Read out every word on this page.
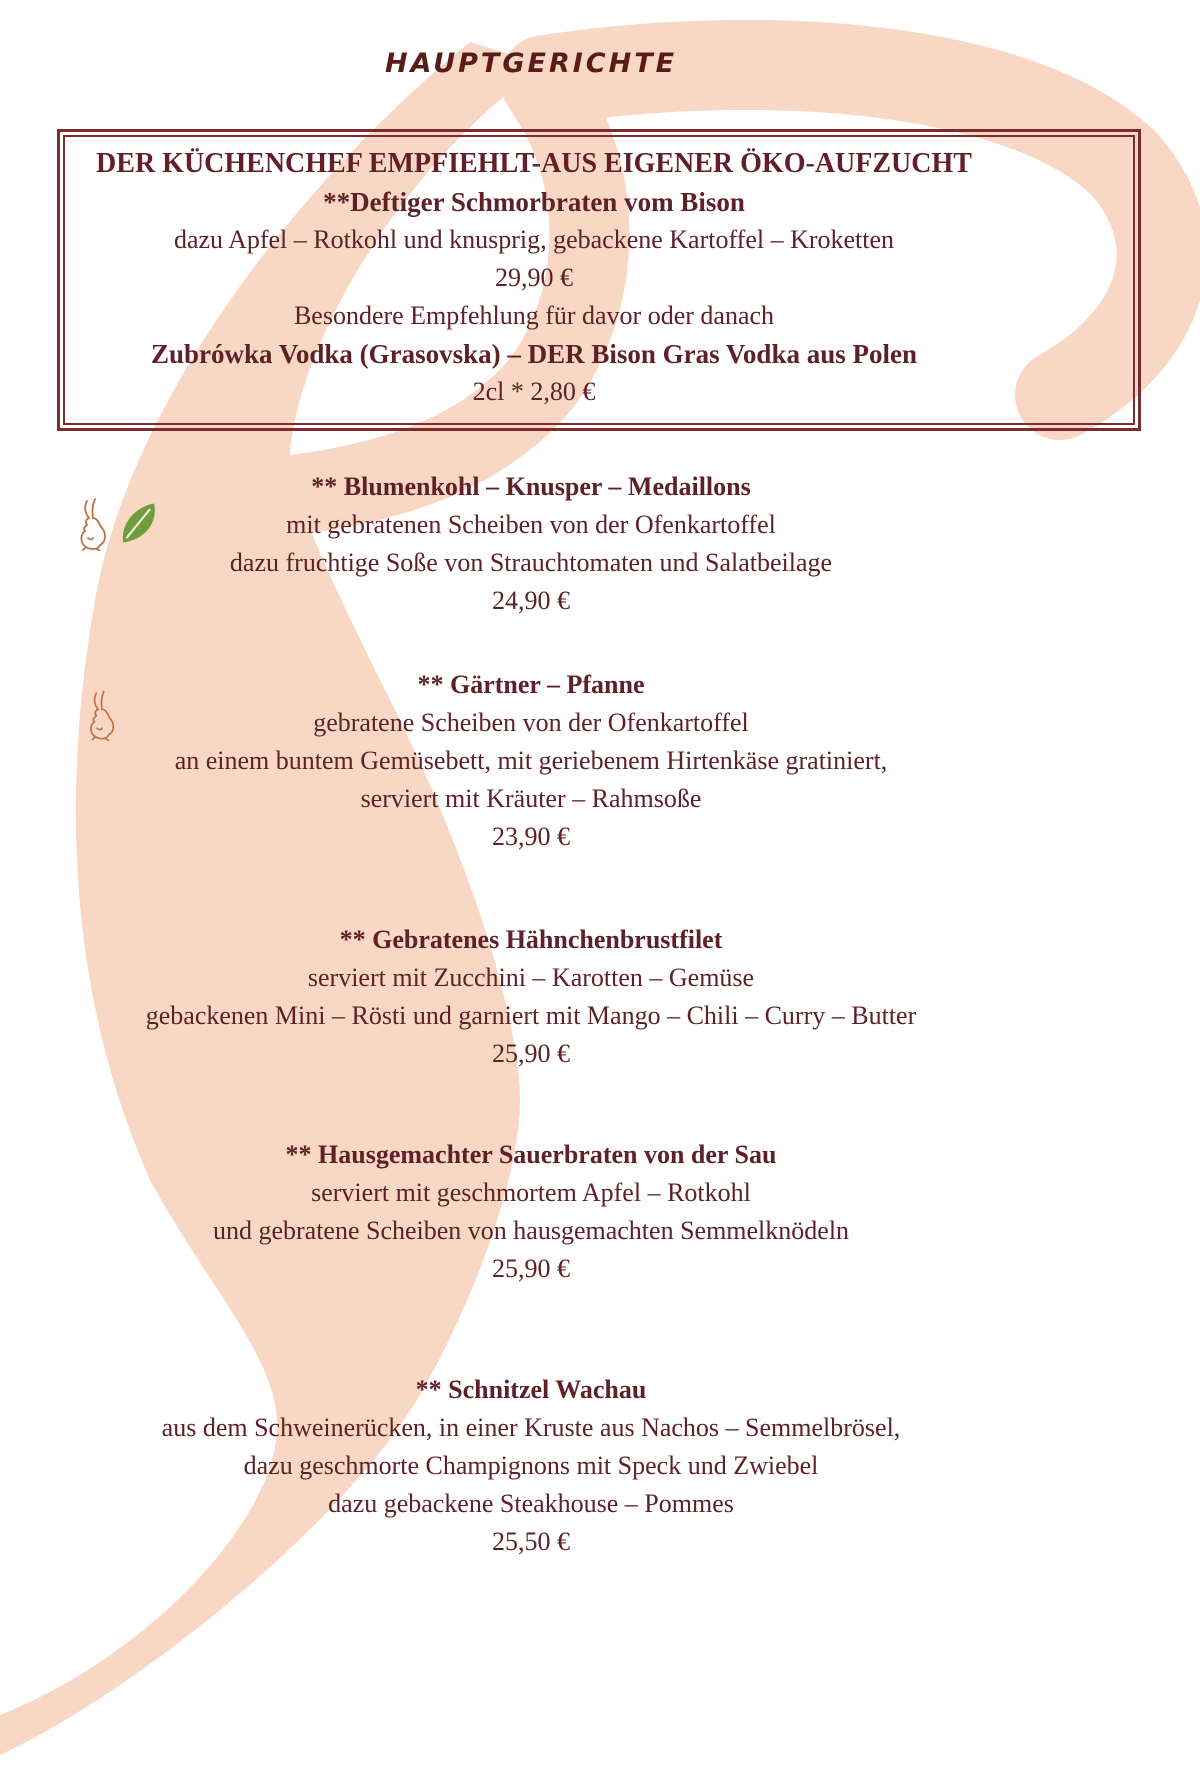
HAUPTGERICHTE
DER KÜCHENCHEF EMPFIEHLT-AUS EIGENER ÖKO-AUFZUCHT
**Deftiger Schmorbraten vom Bison
dazu Apfel – Rotkohl und knusprig, gebackene Kartoffel – Kroketten
29,90 €
Besondere Empfehlung für davor oder danach
Zubrówka Vodka (Grasovska) – DER Bison Gras Vodka aus Polen
2cl * 2,80 €

** Blumenkohl – Knusper – Medaillons
mit gebratenen Scheiben von der Ofenkartoffel
dazu fruchtige Soße von Strauchtomaten und Salatbeilage
24,90 €
** Gärtner – Pfanne
gebratene Scheiben von der Ofenkartoffel
an einem buntem Gemüsebett, mit geriebenem Hirtenkäse gratiniert,
serviert mit Kräuter – Rahmsoße
23,90 €
** Gebratenes Hähnchenbrustfilet
serviert mit Zucchini – Karotten – Gemüse
gebackenen Mini – Rösti und garniert mit Mango – Chili – Curry – Butter
25,90 €
** Hausgemachter Sauerbraten von der Sau
serviert mit geschmortem Apfel – Rotkohl
und gebratene Scheiben von hausgemachten Semmelknödeln
25,90 €
** Schnitzel Wachau
aus dem Schweinerücken, in einer Kruste aus Nachos – Semmelbrösel,
dazu geschmorte Champignons mit Speck und Zwiebel
dazu gebackene Steakhouse – Pommes
25,50 €
